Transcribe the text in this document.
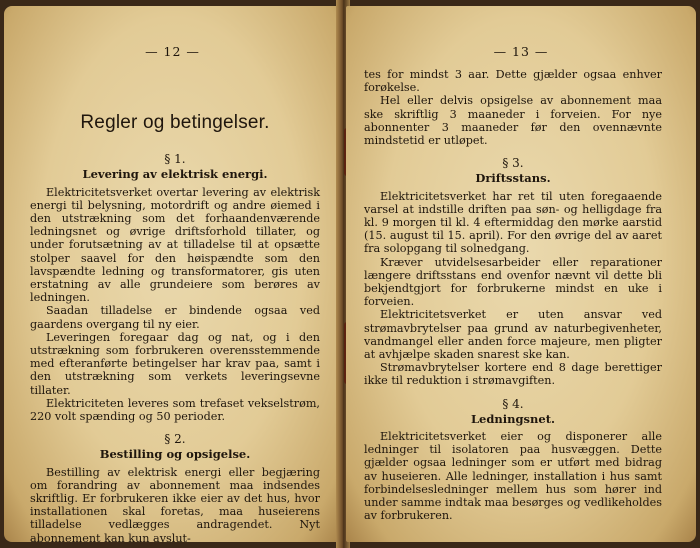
— 12 —
Regler og betingelser.
§ 1.
Levering av elektrisk energi.

Elektricitetsverket overtar levering av elektrisk energi til belysning, motordrift og andre øiemed i den utstrækning som det forhaandenværende ledningsnet og øvrige driftsforhold tillater, og under forutsætning av at tilladelse til at opsætte stolper saavel for den høispændte som den lavspændte ledning og transformatorer, gis uten erstatning av alle grundeiere som berøres av ledningen.

Saadan tilladelse er bindende ogsaa ved gaardens overgang til ny eier.

Leveringen foregaar dag og nat, og i den utstrækning som forbrukeren overensstemmende med efteranførte betingelser har krav paa, samt i den utstrækning som verkets leveringsevne tillater.

Elektriciteten leveres som trefaset vekselstrøm, 220 volt spænding og 50 perioder.

§ 2.
Bestilling og opsigelse.

Bestilling av elektrisk energi eller begjæring om forandring av abonnement maa indsendes skriftlig. Er forbrukeren ikke eier av det hus, hvor installationen skal foretas, maa huseierens tilladelse vedlægges andragendet. Nyt abonnement kan kun avslut-

— 13 —

tes for mindst 3 aar. Dette gjælder ogsaa enhver forøkelse.

Hel eller delvis opsigelse av abonnement maa ske skriftlig 3 maaneder i forveien. For nye abonnenter 3 maaneder før den ovennævnte mindstetid er utløpet.

§ 3.
Driftsstans.

Elektricitetsverket har ret til uten foregaaende varsel at indstille driften paa søn- og helligdage fra kl. 9 morgen til kl. 4 eftermiddag den mørke aarstid (15. august til 15. april). For den øvrige del av aaret fra solopgang til solnedgang.

Kræver utvidelsesarbeider eller reparationer længere driftsstans end ovenfor nævnt vil dette bli bekjendtgjort for forbrukerne mindst en uke i forveien.

Elektricitetsverket er uten ansvar ved strømavbrytelser paa grund av naturbegivenheter, vandmangel eller anden force majeure, men pligter at avhjælpe skaden snarest ske kan.

Strømavbrytelser kortere end 8 dage berettiger ikke til reduktion i strømavgiften.

§ 4.
Ledningsnet.

Elektricitetsverket eier og disponerer alle ledninger til isolatoren paa husvæggen. Dette gjælder ogsaa ledninger som er utført med bidrag av huseieren. Alle ledninger, installation i hus samt forbindelsesledninger mellem hus som hører ind under samme indtak maa besørges og vedlikeholdes av forbrukeren.
